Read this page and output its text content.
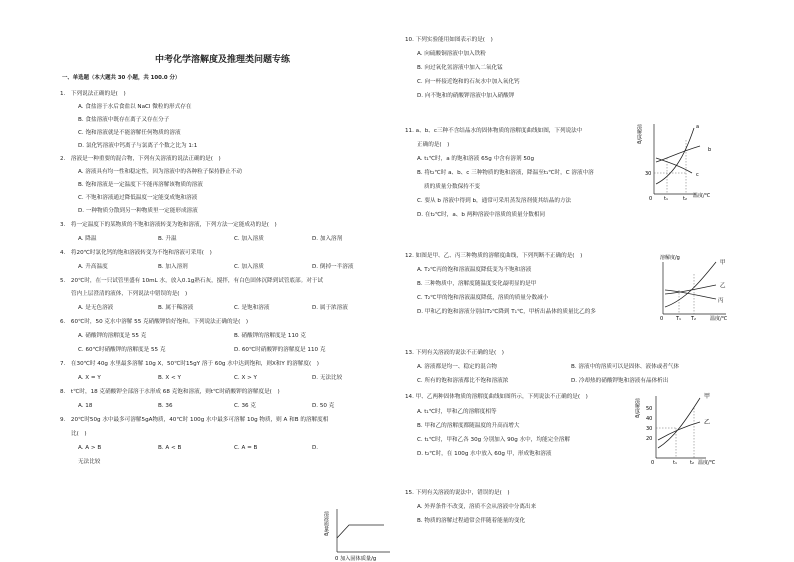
中考化学溶解度及推理类问题专练
一、单选题（本大题共 30 小题，共 100.0 分）
1.　下列说法正确的是(　)
A. 食盐溶于水后食盐以 NaCl 微粒的形式存在
B. 食盐溶液中既存在离子又存在分子
C. 饱和溶液就是不能溶解任何物质的溶液
D. 氯化钙溶液中钙离子与氯离子个数之比为 1:1
2.　溶液是一种重要的混合物，下列有关溶液的说法正确的是(　)
A. 溶液具有均一性和稳定性，因为溶液中的各种粒子保持静止不动
B. 饱和溶液是一定温度下不能再溶解该物质的溶液
C. 不饱和溶液通过降低温度一定能变成饱和溶液
D. 一种物质分散到另一种物质里一定能形成溶液
3.　将一定温度下的某物质的不饱和溶液转变为饱和溶液，下列方法一定能成功的是(　)
A. 降温	B. 升温	C. 加入溶质	D. 加入溶剂
4.　将20℃时氯化钙的饱和溶液转变为不饱和溶液可采用(　)
A. 升高温度	B. 加入溶剂	C. 加入溶质	D. 倒掉一半溶液
5.　20℃时，在一只试管里盛有 10mL 水，放入0.1g熟石灰，搅拌，有白色固体沉降到试管底部。对于试
管内上层澄清的液体，下列说法中错误的是(　)
A. 是无色溶液	B. 属于稀溶液	C. 是饱和溶液	D. 属于浓溶液
6.　60℃时，50 克水中溶解 55 克硝酸钾恰好饱和。下列说法正确的是(　)
A. 硝酸钾的溶解度是 55 克	B. 硝酸钾的溶解度是 110 克
C. 60℃时硝酸钾的溶解度是 55 克	D. 60℃时硝酸钾的溶解度是 110 克
7.　在30℃时 40g 水里最多溶解 10g X，50℃时15gY 溶于 60g 水中达到饱和，则X和Y 的溶解度(　)
A. X = Y	B. X < Y	C. X > Y	D. 无法比较
8.　t℃时，18 克硝酸钾全部溶于水形成 68 克饱和溶液，则t℃时硝酸钾的溶解度是(　)
A. 18	B. 36	C. 36 克	D. 50 克
9.　20℃时50g 水中最多可溶解5gA物质，40℃时 100g 水中最多可溶解 10g 物质，则 A 和B 的溶解度相
比(　)
A. A > B	B. A < B	C. A = B	D.
无法比较
10. 下列实验能用如图表示的是(　)
A. 向硫酸铜溶液中加入铁粉
B. 向过氧化氢溶液中加入二氧化锰
C. 向一杯接近饱和的石灰水中加入氧化钙
D. 向不饱和的硝酸钾溶液中加入硝酸钾
11. a、b、c三种不含结晶水的固体物质的溶解度曲线如图，下列说法中
正确的是(　)
A. t₁℃时，a 的饱和溶液 65g 中含有溶剂 50g
B. 将t₂℃时 a、b、c 三种物质的饱和溶液，降温至t₁℃时，C 溶液中溶
质的质量分数保持不变
C. 要从 b 溶液中得到 b，通常可采用蒸发溶剂使其结晶的方法
D. 在t₂℃时，a、b 两种溶液中溶质的质量分数相同
12. 如图是甲、乙、丙三种物质的溶解度曲线，下列判断不正确的是(　)
A. T₂℃丙的饱和溶液温度降低变为不饱和溶液
B. 三种物质中，溶解度随温度变化最明显的是甲
C. T₂℃甲的饱和溶液温度降低，溶质的质量分数减小
D. 甲和乙的饱和溶液分别由T₂℃降到 T₁℃，甲析出晶体的质量比乙的多
13. 下列有关溶液的说法不正确的是(　)
A. 溶液都是均一、稳定的混合物	B. 溶液中的溶质可以是固体、液体或者气体
C. 所有的饱和溶液都比不饱和溶液浓	D. 冷却热的硝酸钾饱和溶液有晶体析出
14. 甲、乙两种固体物质的溶解度曲线如图所示，下列说法不正确的是(　)
A. t₁℃时，甲和乙的溶解度相等
B. 甲和乙的溶解度都随温度的升高而增大
C. t₁℃时，甲和乙各 30g 分别加入 90g 水中，均能完全溶解
D. t₂℃时，在 100g 水中放入 60g 甲，形成饱和溶液
15. 下列有关溶液的说法中，错误的是(　)
A. 外界条件不改变，溶质不会从溶液中分离出来
B. 物质的溶解过程通常会伴随着能量的变化
溶液质量/g
0 加入固体质量/g
溶解度/g
30
0 t₁	t₂ 温度/℃
a
b
c
溶解度/g
甲
乙
丙
0	T₁ T₂	温度/℃
溶解度/g 50
40
30
20
0	t₁	t₂ 温度/℃
甲
乙
